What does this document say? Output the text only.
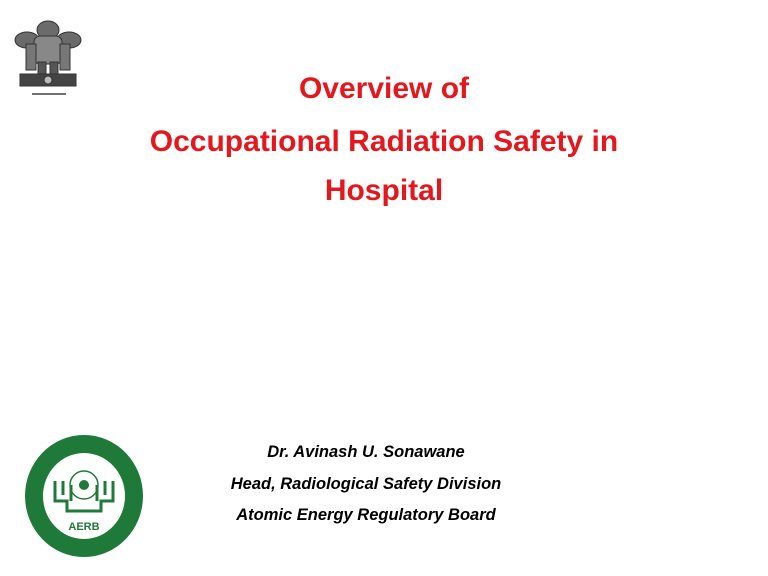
Overview of
Occupational Radiation Safety in
Hospital
AERB
Dr. Avinash U. Sonawane
Head, Radiological Safety Division
Atomic Energy Regulatory Board
